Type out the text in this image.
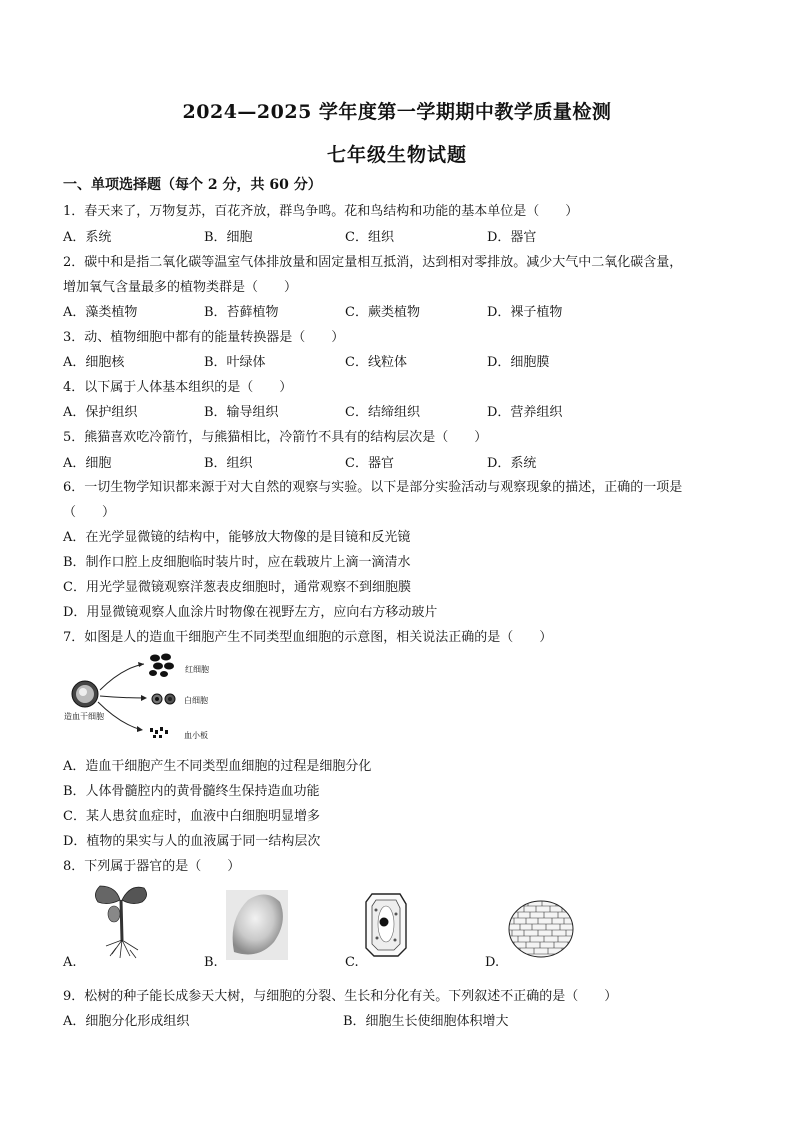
2024—2025 学年度第一学期期中教学质量检测
七年级生物试题
一、单项选择题（每个 2 分，共 60 分）
1．春天来了，万物复苏，百花齐放，群鸟争鸣。花和鸟结构和功能的基本单位是（　　）
A．系统	B．细胞	C．组织	D．器官
2．碳中和是指二氧化碳等温室气体排放量和固定量相互抵消，达到相对零排放。减少大气中二氧化碳含量，
增加氧气含量最多的植物类群是（　　）
A．藻类植物	B．苔藓植物	C．蕨类植物	D．裸子植物
3．动、植物细胞中都有的能量转换器是（　　）
A．细胞核	B．叶绿体	C．线粒体	D．细胞膜
4．以下属于人体基本组织的是（　　）
A．保护组织	B．输导组织	C．结缔组织	D．营养组织
5．熊猫喜欢吃冷箭竹，与熊猫相比，冷箭竹不具有的结构层次是（　　）
A．细胞	B．组织	C．器官	D．系统
6．一切生物学知识都来源于对大自然的观察与实验。以下是部分实验活动与观察现象的描述，正确的一项是
（　　）
A．在光学显微镜的结构中，能够放大物像的是目镜和反光镜
B．制作口腔上皮细胞临时装片时，应在载玻片上滴一滴清水
C．用光学显微镜观察洋葱表皮细胞时，通常观察不到细胞膜
D．用显微镜观察人血涂片时物像在视野左方，应向右方移动玻片
7．如图是人的造血干细胞产生不同类型血细胞的示意图，相关说法正确的是（　　）
红细胞
白细胞
血小板
造血干细胞
A．造血干细胞产生不同类型血细胞的过程是细胞分化
B．人体骨髓腔内的黄骨髓终生保持造血功能
C．某人患贫血症时，血液中白细胞明显增多
D．植物的果实与人的血液属于同一结构层次
8．下列属于器官的是（　　）
A.	B.	C.	D.
9．松树的种子能长成参天大树，与细胞的分裂、生长和分化有关。下列叙述不正确的是（　　）
A．细胞分化形成组织	B．细胞生长使细胞体积增大
